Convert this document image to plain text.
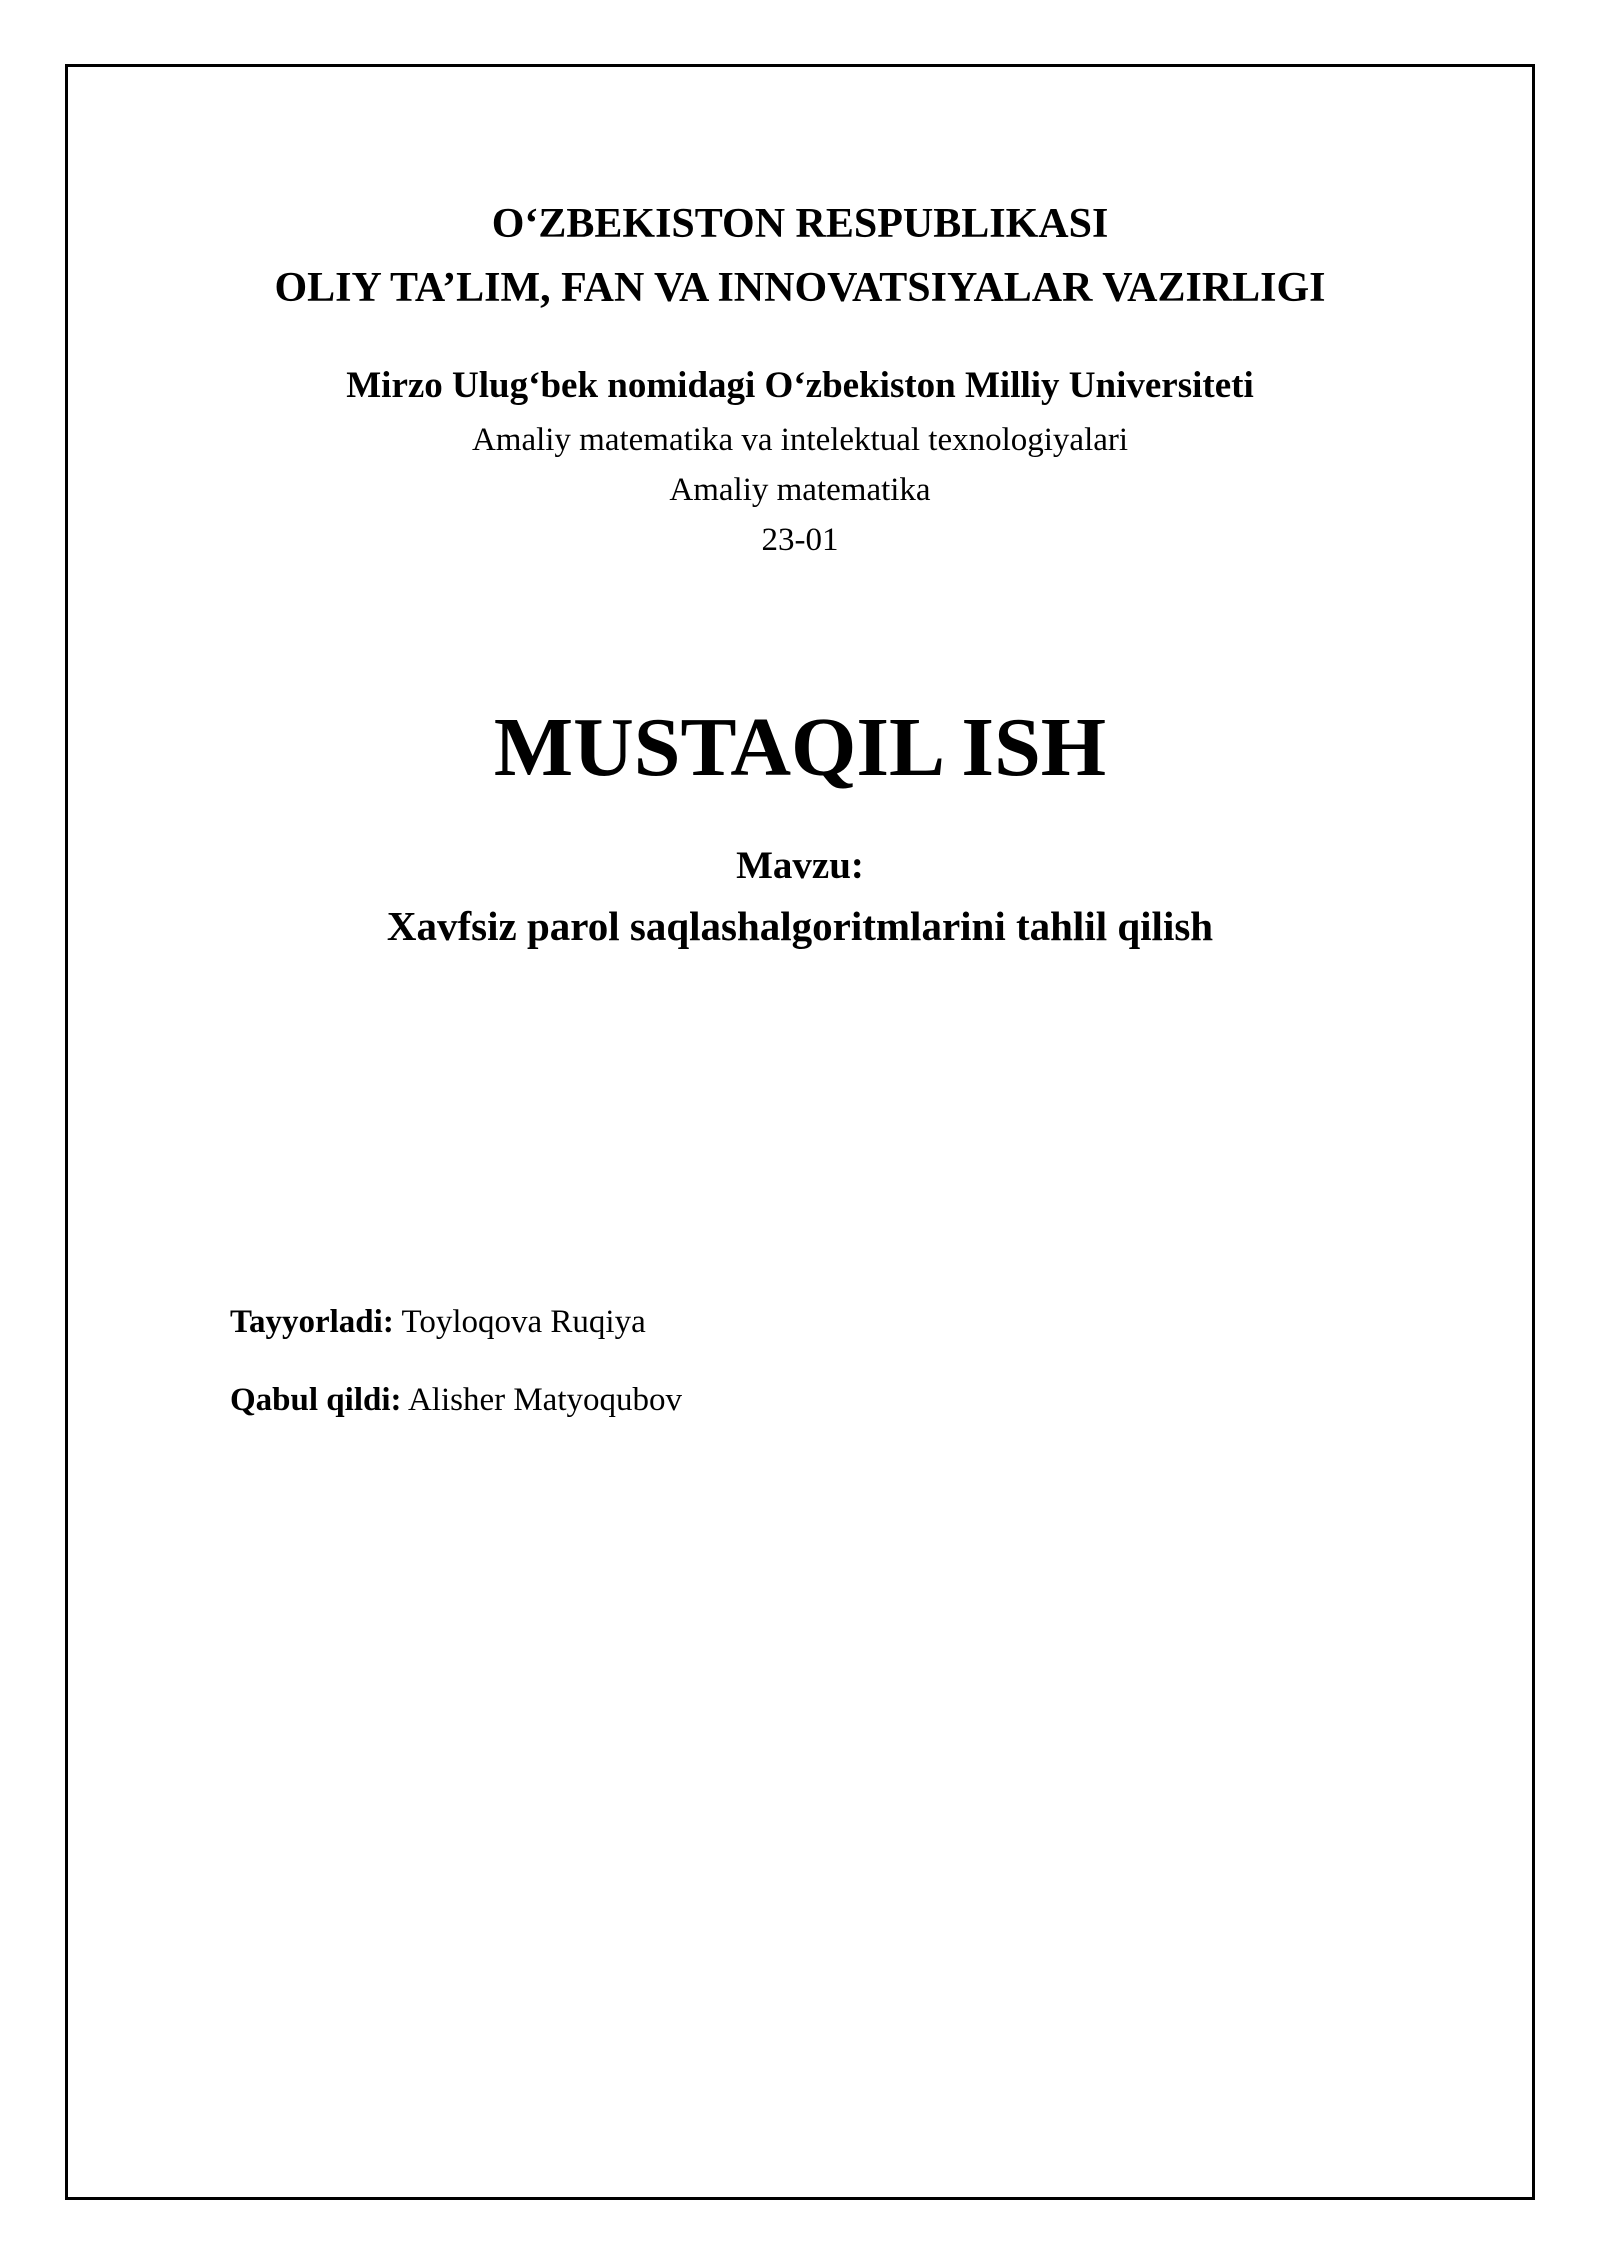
O‘ZBEKISTON RESPUBLIKASI
OLIY TA’LIM, FAN VA INNOVATSIYALAR VAZIRLIGI
Mirzo Ulug‘bek nomidagi O‘zbekiston Milliy Universiteti
Amaliy matematika va intelektual texnologiyalari
Amaliy matematika
23-01
MUSTAQIL ISH
Mavzu:
Xavfsiz parol saqlashalgoritmlarini tahlil qilish
Tayyorladi: Toyloqova Ruqiya
Qabul qildi: Alisher Matyoqubov
